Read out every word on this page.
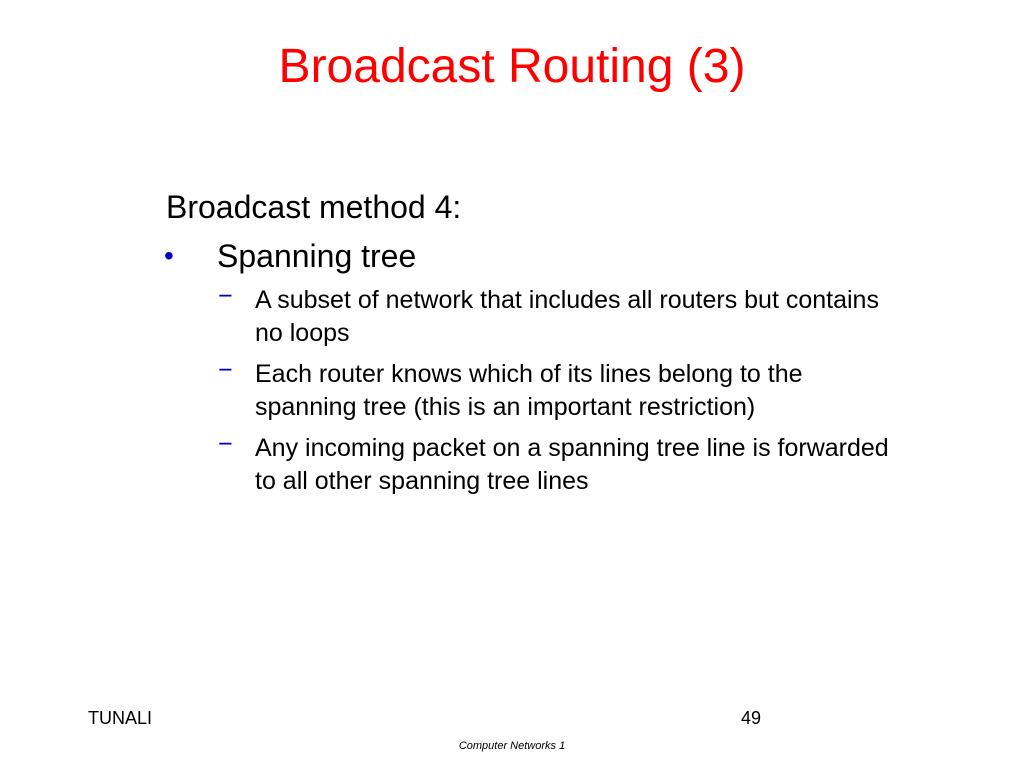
Broadcast Routing (3)
Broadcast method 4:
• Spanning tree
− A subset of network that includes all routers but contains no loops
− Each router knows which of its lines belong to the spanning tree (this is an important restriction)
− Any incoming packet on a spanning tree line is forwarded to all other spanning tree lines
TUNALI	49
Computer Networks 1
